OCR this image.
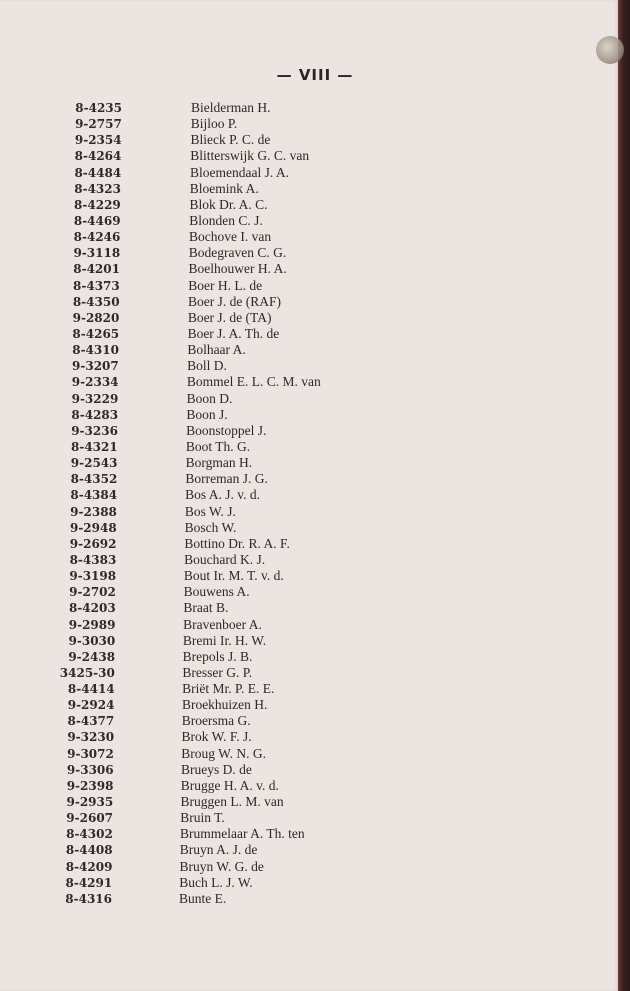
— VIII —
8-4235	Bielderman H.
9-2757	Bijloo P.
9-2354	Blieck P. C. de
8-4264	Blitterswijk G. C. van
8-4484	Bloemendaal J. A.
8-4323	Bloemink A.
8-4229	Blok Dr. A. C.
8-4469	Blonden C. J.
8-4246	Bochove I. van
9-3118	Bodegraven C. G.
8-4201	Boelhouwer H. A.
8-4373	Boer H. L. de
8-4350	Boer J. de (RAF)
9-2820	Boer J. de (TA)
8-4265	Boer J. A. Th. de
8-4310	Bolhaar A.
9-3207	Boll D.
9-2334	Bommel E. L. C. M. van
9-3229	Boon D.
8-4283	Boon J.
9-3236	Boonstoppel J.
8-4321	Boot Th. G.
9-2543	Borgman H.
8-4352	Borreman J. G.
8-4384	Bos A. J. v. d.
9-2388	Bos W. J.
9-2948	Bosch W.
9-2692	Bottino Dr. R. A. F.
8-4383	Bouchard K. J.
9-3198	Bout Ir. M. T. v. d.
9-2702	Bouwens A.
8-4203	Braat B.
9-2989	Bravenboer A.
9-3030	Bremi Ir. H. W.
9-2438	Brepols J. B.
3425-30	Bresser G. P.
8-4414	Briët Mr. P. E. E.
9-2924	Broekhuizen H.
8-4377	Broersma G.
9-3230	Brok W. F. J.
9-3072	Broug W. N. G.
9-3306	Brueys D. de
9-2398	Brugge H. A. v. d.
9-2935	Bruggen L. M. van
9-2607	Bruin T.
8-4302	Brummelaar A. Th. ten
8-4408	Bruyn A. J. de
8-4209	Bruyn W. G. de
8-4291	Buch L. J. W.
8-4316	Bunte E.
